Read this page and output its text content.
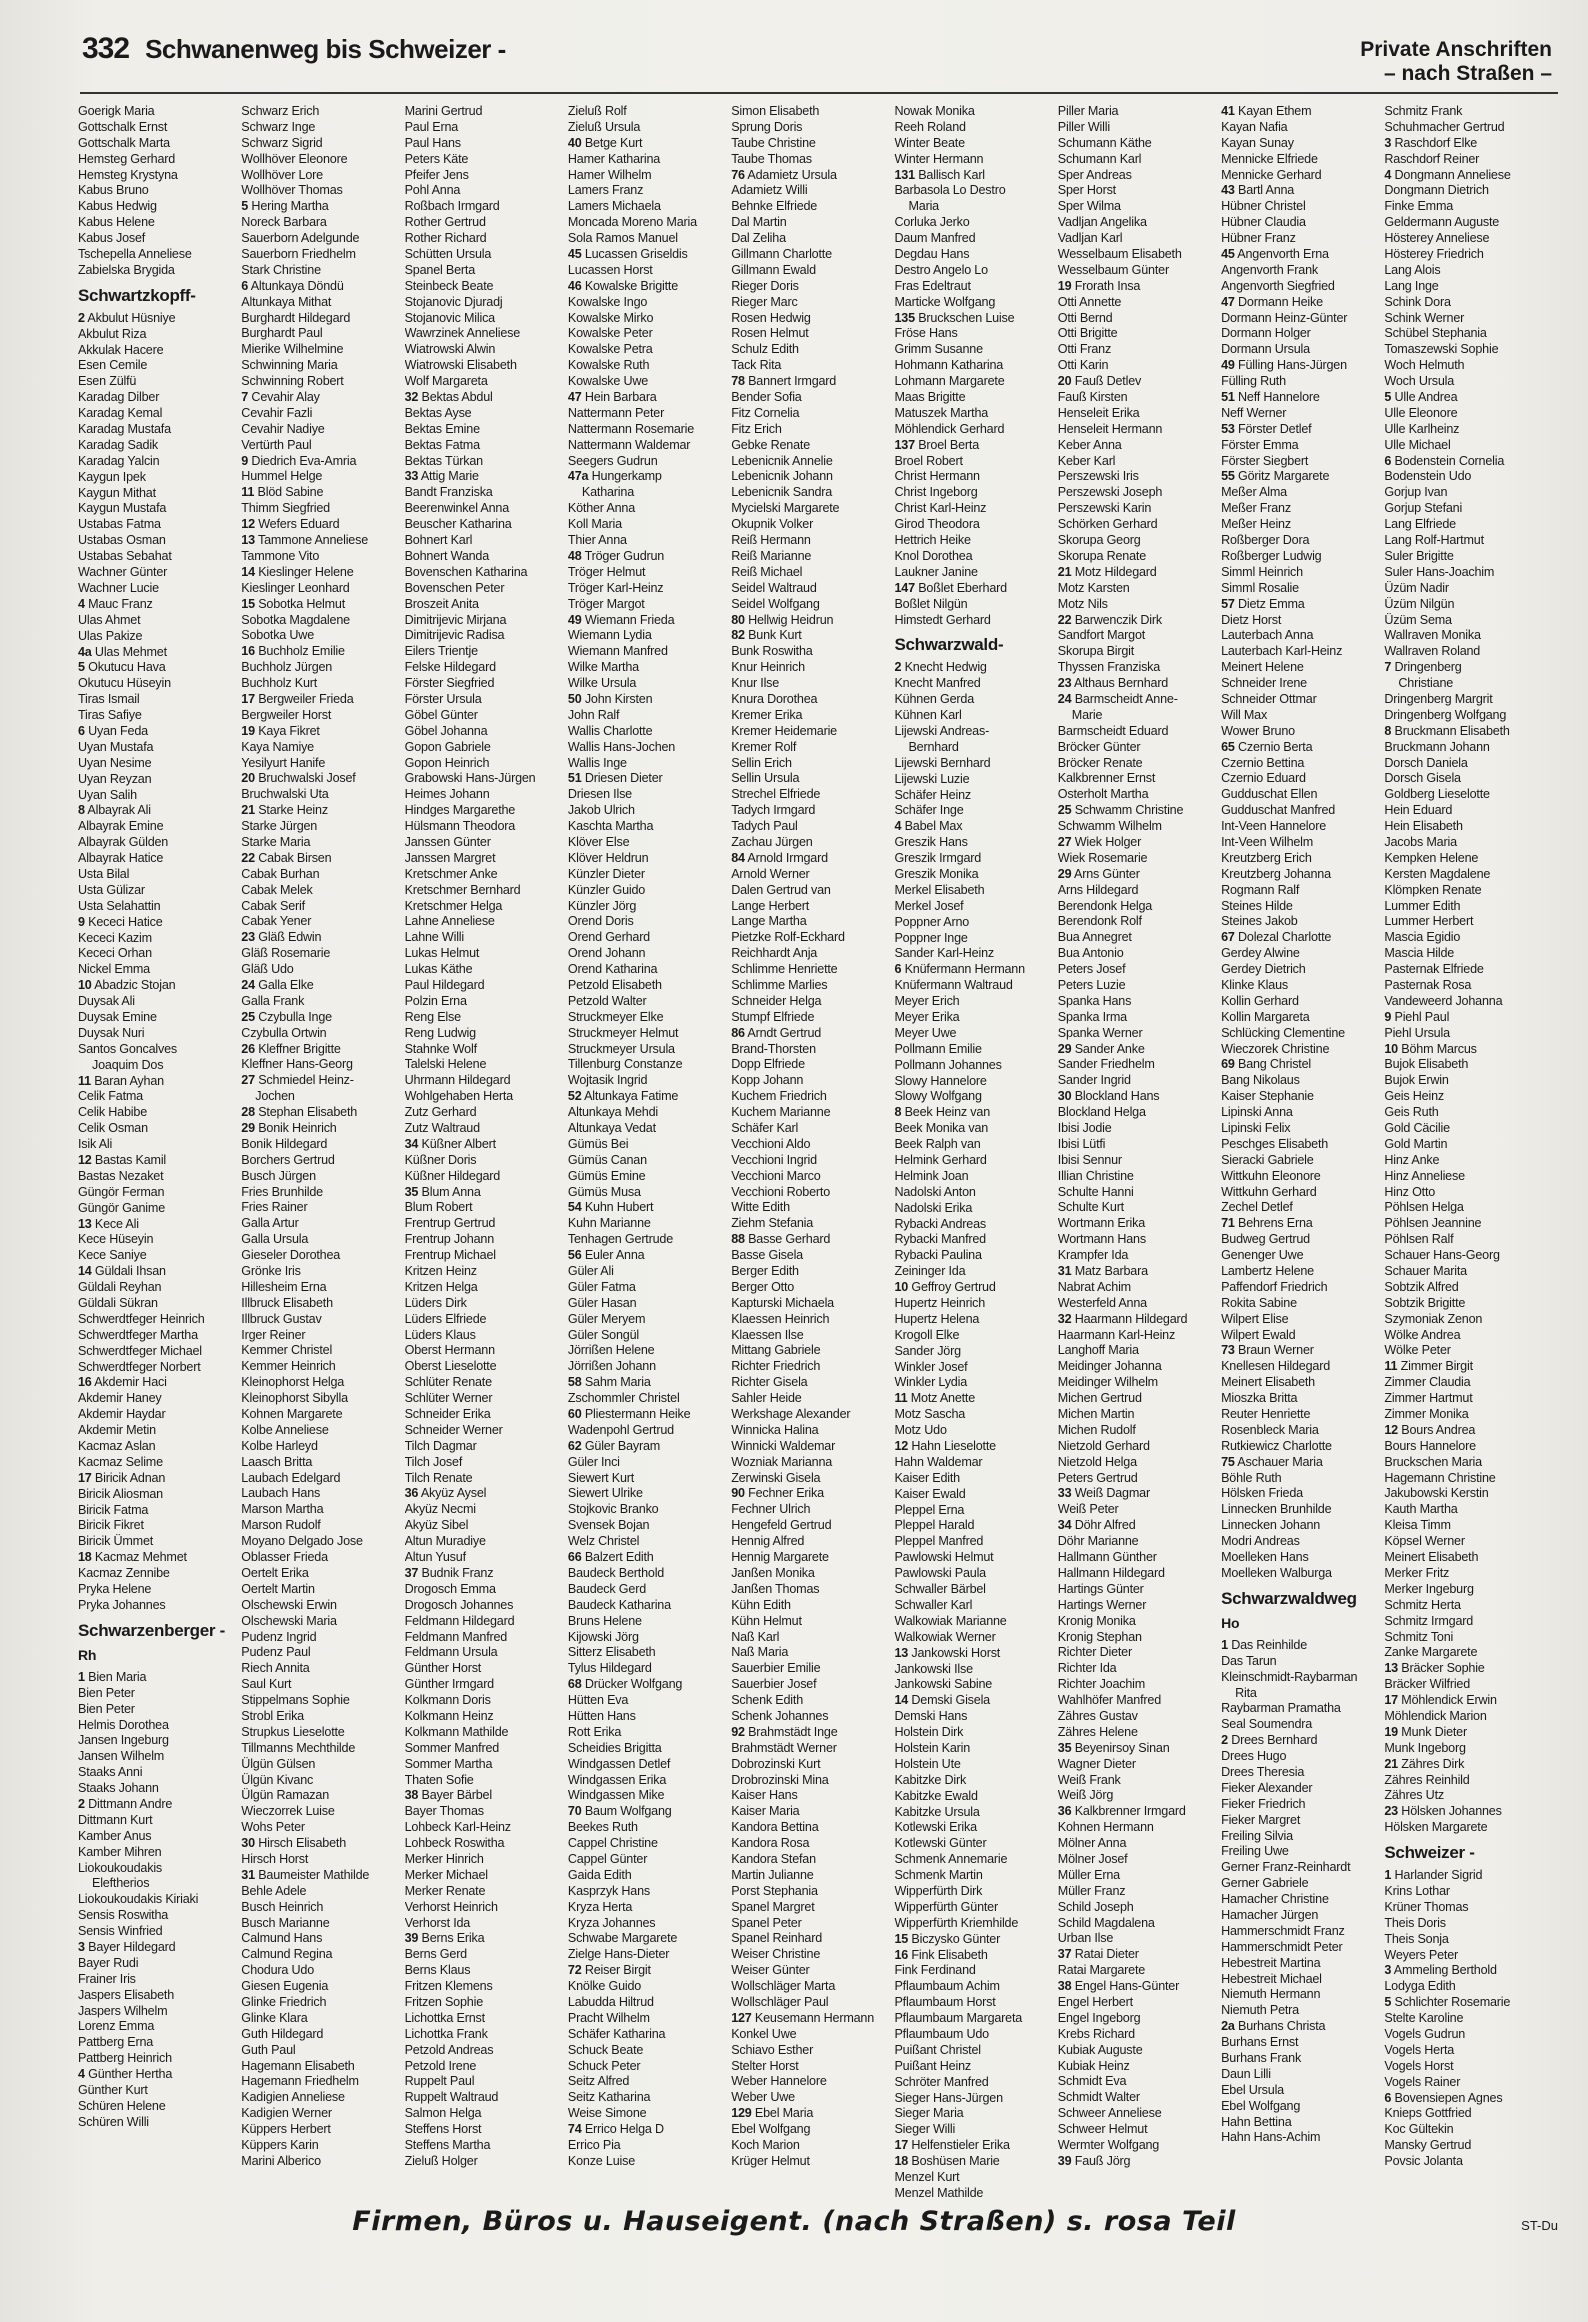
332 Schwanenweg bis Schweizer -	Private Anschriften
– nach Straßen –
Goerigk Maria
Gottschalk Ernst
Gottschalk Marta
Hemsteg Gerhard
Hemsteg Krystyna
Kabus Bruno
Kabus Hedwig
Kabus Helene
Kabus Josef
Tschepella Anneliese
Zabielska Brygida
Schwartzkopff-
2 Akbulut Hüsniye
Akbulut Riza
Akkulak Hacere
Esen Cemile
Esen Zülfü
Karadag Dilber
Karadag Kemal
Karadag Mustafa
Karadag Sadik
Karadag Yalcin
Kaygun Ipek
Kaygun Mithat
Kaygun Mustafa
Ustabas Fatma
Ustabas Osman
Ustabas Sebahat
Wachner Günter
Wachner Lucie
4 Mauc Franz
Ulas Ahmet
Ulas Pakize
4a Ulas Mehmet
5 Okutucu Hava
Okutucu Hüseyin
Tiras Ismail
Tiras Safiye
6 Uyan Feda
Uyan Mustafa
Uyan Nesime
Uyan Reyzan
Uyan Salih
8 Albayrak Ali
Albayrak Emine
Albayrak Gülden
Albayrak Hatice
Usta Bilal
Usta Gülizar
Usta Selahattin
9 Kececi Hatice
Kececi Kazim
Kececi Orhan
Nickel Emma
10 Abadzic Stojan
Duysak Ali
Duysak Emine
Duysak Nuri
Santos Goncalves
Joaquim Dos
11 Baran Ayhan
Celik Fatma
Celik Habibe
Celik Osman
Isik Ali
12 Bastas Kamil
Bastas Nezaket
Güngör Ferman
Güngör Ganime
13 Kece Ali
Kece Hüseyin
Kece Saniye
14 Güldali Ihsan
Güldali Reyhan
Güldali Sükran
Schwerdtfeger Heinrich
Schwerdtfeger Martha
Schwerdtfeger Michael
Schwerdtfeger Norbert
16 Akdemir Haci
Akdemir Haney
Akdemir Haydar
Akdemir Metin
Kacmaz Aslan
Kacmaz Selime
17 Biricik Adnan
Biricik Aliosman
Biricik Fatma
Biricik Fikret
Biricik Ümmet
18 Kacmaz Mehmet
Kacmaz Zennibe
Pryka Helene
Pryka Johannes
Schwarzenberger -
Rh
1 Bien Maria
Bien Peter
Bien Peter
Helmis Dorothea
Jansen Ingeburg
Jansen Wilhelm
Staaks Anni
Staaks Johann
2 Dittmann Andre
Dittmann Kurt
Kamber Anus
Kamber Mihren
Liokoukoudakis
Eleftherios
Liokoukoudakis Kiriaki
Sensis Roswitha
Sensis Winfried
3 Bayer Hildegard
Bayer Rudi
Frainer Iris
Jaspers Elisabeth
Jaspers Wilhelm
Lorenz Emma
Pattberg Erna
Pattberg Heinrich
4 Günther Hertha
Günther Kurt
Schüren Helene
Schüren Willi
Schwarz Erich
Schwarz Inge
Schwarz Sigrid
Wollhöver Eleonore
Wollhöver Lore
Wollhöver Thomas
5 Hering Martha
Noreck Barbara
Sauerborn Adelgunde
Sauerborn Friedhelm
Stark Christine
6 Altunkaya Döndü
Altunkaya Mithat
Burghardt Hildegard
Burghardt Paul
Mierike Wilhelmine
Schwinning Maria
Schwinning Robert
7 Cevahir Alay
Cevahir Fazli
Cevahir Nadiye
Vertürth Paul
9 Diedrich Eva-Amria
Hummel Helge
11 Blöd Sabine
Thimm Siegfried
12 Wefers Eduard
13 Tammone Anneliese
Tammone Vito
14 Kieslinger Helene
Kieslinger Leonhard
15 Sobotka Helmut
Sobotka Magdalene
Sobotka Uwe
16 Buchholz Emilie
Buchholz Jürgen
Buchholz Kurt
17 Bergweiler Frieda
Bergweiler Horst
19 Kaya Fikret
Kaya Namiye
Yesilyurt Hanife
20 Bruchwalski Josef
Bruchwalski Uta
21 Starke Heinz
Starke Jürgen
Starke Maria
22 Cabak Birsen
Cabak Burhan
Cabak Melek
Cabak Serif
Cabak Yener
23 Gläß Edwin
Gläß Rosemarie
Gläß Udo
24 Galla Elke
Galla Frank
25 Czybulla Inge
Czybulla Ortwin
26 Kleffner Brigitte
Kleffner Hans-Georg
27 Schmiedel Heinz-
Jochen
28 Stephan Elisabeth
29 Bonik Heinrich
Bonik Hildegard
Borchers Gertrud
Busch Jürgen
Fries Brunhilde
Fries Rainer
Galla Artur
Galla Ursula
Gieseler Dorothea
Grönke Iris
Hillesheim Erna
Illbruck Elisabeth
Illbruck Gustav
Irger Reiner
Kemmer Christel
Kemmer Heinrich
Kleinophorst Helga
Kleinophorst Sibylla
Kohnen Margarete
Kolbe Anneliese
Kolbe Harleyd
Laasch Britta
Laubach Edelgard
Laubach Hans
Marson Martha
Marson Rudolf
Moyano Delgado Jose
Oblasser Frieda
Oertelt Erika
Oertelt Martin
Olschewski Erwin
Olschewski Maria
Pudenz Ingrid
Pudenz Paul
Riech Annita
Saul Kurt
Stippelmans Sophie
Strobl Erika
Strupkus Lieselotte
Tillmanns Mechthilde
Ülgün Gülsen
Ülgün Kivanc
Ülgün Ramazan
Wieczorrek Luise
Wohs Peter
30 Hirsch Elisabeth
Hirsch Horst
31 Baumeister Mathilde
Behle Adele
Busch Heinrich
Busch Marianne
Calmund Hans
Calmund Regina
Chodura Udo
Giesen Eugenia
Glinke Friedrich
Glinke Klara
Guth Hildegard
Guth Paul
Hagemann Elisabeth
Hagemann Friedhelm
Kadigien Anneliese
Kadigien Werner
Küppers Herbert
Küppers Karin
Marini Alberico
Marini Gertrud
Paul Erna
Paul Hans
Peters Käte
Pfeifer Jens
Pohl Anna
Roßbach Irmgard
Rother Gertrud
Rother Richard
Schütten Ursula
Spanel Berta
Steinbeck Beate
Stojanovic Djuradj
Stojanovic Milica
Wawrzinek Anneliese
Wiatrowski Alwin
Wiatrowski Elisabeth
Wolf Margareta
32 Bektas Abdul
Bektas Ayse
Bektas Emine
Bektas Fatma
Bektas Türkan
33 Attig Marie
Bandt Franziska
Beerenwinkel Anna
Beuscher Katharina
Bohnert Karl
Bohnert Wanda
Bovenschen Katharina
Bovenschen Peter
Broszeit Anita
Dimitrijevic Mirjana
Dimitrijevic Radisa
Eilers Trientje
Felske Hildegard
Förster Siegfried
Förster Ursula
Göbel Günter
Göbel Johanna
Gopon Gabriele
Gopon Heinrich
Grabowski Hans-Jürgen
Heimes Johann
Hindges Margarethe
Hülsmann Theodora
Janssen Günter
Janssen Margret
Kretschmer Anke
Kretschmer Bernhard
Kretschmer Helga
Lahne Anneliese
Lahne Willi
Lukas Helmut
Lukas Käthe
Paul Hildegard
Polzin Erna
Reng Else
Reng Ludwig
Stahnke Wolf
Talelski Helene
Uhrmann Hildegard
Wohlgehaben Herta
Zutz Gerhard
Zutz Waltraud
34 Küßner Albert
Küßner Doris
Küßner Hildegard
35 Blum Anna
Blum Robert
Frentrup Gertrud
Frentrup Johann
Frentrup Michael
Kritzen Heinz
Kritzen Helga
Lüders Dirk
Lüders Elfriede
Lüders Klaus
Oberst Hermann
Oberst Lieselotte
Schlüter Renate
Schlüter Werner
Schneider Erika
Schneider Werner
Tilch Dagmar
Tilch Josef
Tilch Renate
36 Akyüz Aysel
Akyüz Necmi
Akyüz Sibel
Altun Muradiye
Altun Yusuf
37 Budnik Franz
Drogosch Emma
Drogosch Johannes
Feldmann Hildegard
Feldmann Manfred
Feldmann Ursula
Günther Horst
Günther Irmgard
Kolkmann Doris
Kolkmann Heinz
Kolkmann Mathilde
Sommer Manfred
Sommer Martha
Thaten Sofie
38 Bayer Bärbel
Bayer Thomas
Lohbeck Karl-Heinz
Lohbeck Roswitha
Merker Hinrich
Merker Michael
Merker Renate
Verhorst Heinrich
Verhorst Ida
39 Berns Erika
Berns Gerd
Berns Klaus
Fritzen Klemens
Fritzen Sophie
Lichottka Ernst
Lichottka Frank
Petzold Andreas
Petzold Irene
Ruppelt Paul
Ruppelt Waltraud
Salmon Helga
Steffens Horst
Steffens Martha
Zieluß Holger
Zieluß Rolf
Zieluß Ursula
40 Betge Kurt
Hamer Katharina
Hamer Wilhelm
Lamers Franz
Lamers Michaela
Moncada Moreno Maria
Sola Ramos Manuel
45 Lucassen Griseldis
Lucassen Horst
46 Kowalske Brigitte
Kowalske Ingo
Kowalske Mirko
Kowalske Peter
Kowalske Petra
Kowalske Ruth
Kowalske Uwe
47 Hein Barbara
Nattermann Peter
Nattermann Rosemarie
Nattermann Waldemar
Seegers Gudrun
47a Hungerkamp
Katharina
Köther Anna
Koll Maria
Thier Anna
48 Tröger Gudrun
Tröger Helmut
Tröger Karl-Heinz
Tröger Margot
49 Wiemann Frieda
Wiemann Lydia
Wiemann Manfred
Wilke Martha
Wilke Ursula
50 John Kirsten
John Ralf
Wallis Charlotte
Wallis Hans-Jochen
Wallis Inge
51 Driesen Dieter
Driesen Ilse
Jakob Ulrich
Kaschta Martha
Klöver Else
Klöver Heldrun
Künzler Dieter
Künzler Guido
Künzler Jörg
Orend Doris
Orend Gerhard
Orend Johann
Orend Katharina
Petzold Elisabeth
Petzold Walter
Struckmeyer Elke
Struckmeyer Helmut
Struckmeyer Ursula
Tillenburg Constanze
Wojtasik Ingrid
52 Altunkaya Fatime
Altunkaya Mehdi
Altunkaya Vedat
Gümüs Bei
Gümüs Canan
Gümüs Emine
Gümüs Musa
54 Kuhn Hubert
Kuhn Marianne
Tenhagen Gertrude
56 Euler Anna
Güler Ali
Güler Fatma
Güler Hasan
Güler Meryem
Güler Songül
Jörrißen Helene
Jörrißen Johann
58 Sahm Maria
Zschommler Christel
60 Pliestermann Heike
Wadenpohl Gertrud
62 Güler Bayram
Güler Inci
Siewert Kurt
Siewert Ulrike
Stojkovic Branko
Svensek Bojan
Welz Christel
66 Balzert Edith
Baudeck Berthold
Baudeck Gerd
Baudeck Katharina
Bruns Helene
Kijowski Jörg
Sitterz Elisabeth
Tylus Hildegard
68 Drücker Wolfgang
Hütten Eva
Hütten Hans
Rott Erika
Scheidies Brigitta
Windgassen Detlef
Windgassen Erika
Windgassen Mike
70 Baum Wolfgang
Beekes Ruth
Cappel Christine
Cappel Günter
Gaida Edith
Kasprzyk Hans
Kryza Herta
Kryza Johannes
Schwabe Margarete
Zielge Hans-Dieter
72 Reiser Birgit
Knölke Guido
Labudda Hiltrud
Pracht Wilhelm
Schäfer Katharina
Schuck Beate
Schuck Peter
Seitz Alfred
Seitz Katharina
Weise Simone
74 Errico Helga D
Errico Pia
Konze Luise
Simon Elisabeth
Sprung Doris
Taube Christine
Taube Thomas
76 Adamietz Ursula
Adamietz Willi
Behnke Elfriede
Dal Martin
Dal Zeliha
Gillmann Charlotte
Gillmann Ewald
Rieger Doris
Rieger Marc
Rosen Hedwig
Rosen Helmut
Schulz Edith
Tack Rita
78 Bannert Irmgard
Bender Sofia
Fitz Cornelia
Fitz Erich
Gebke Renate
Lebenicnik Annelie
Lebenicnik Johann
Lebenicnik Sandra
Mycielski Margarete
Okupnik Volker
Reiß Hermann
Reiß Marianne
Reiß Michael
Seidel Waltraud
Seidel Wolfgang
80 Hellwig Heidrun
82 Bunk Kurt
Bunk Roswitha
Knur Heinrich
Knur Ilse
Knura Dorothea
Kremer Erika
Kremer Heidemarie
Kremer Rolf
Sellin Erich
Sellin Ursula
Strechel Elfriede
Tadych Irmgard
Tadych Paul
Zachau Jürgen
84 Arnold Irmgard
Arnold Werner
Dalen Gertrud van
Lange Herbert
Lange Martha
Pietzke Rolf-Eckhard
Reichhardt Anja
Schlimme Henriette
Schlimme Marlies
Schneider Helga
Stumpf Elfriede
86 Arndt Gertrud
Brand-Thorsten
Dopp Elfriede
Kopp Johann
Kuchem Friedrich
Kuchem Marianne
Schäfer Karl
Vecchioni Aldo
Vecchioni Ingrid
Vecchioni Marco
Vecchioni Roberto
Witte Edith
Ziehm Stefania
88 Basse Gerhard
Basse Gisela
Berger Edith
Berger Otto
Kapturski Michaela
Klaessen Heinrich
Klaessen Ilse
Mittang Gabriele
Richter Friedrich
Richter Gisela
Sahler Heide
Werkshage Alexander
Winnicka Halina
Winnicki Waldemar
Wozniak Marianna
Zerwinski Gisela
90 Fechner Erika
Fechner Ulrich
Hengefeld Gertrud
Hennig Alfred
Hennig Margarete
Janßen Monika
Janßen Thomas
Kühn Edith
Kühn Helmut
Naß Karl
Naß Maria
Sauerbier Emilie
Sauerbier Josef
Schenk Edith
Schenk Johannes
92 Brahmstädt Inge
Brahmstädt Werner
Dobrozinski Kurt
Drobrozinski Mina
Kaiser Hans
Kaiser Maria
Kandora Bettina
Kandora Rosa
Kandora Stefan
Martin Julianne
Porst Stephania
Spanel Margret
Spanel Peter
Spanel Reinhard
Weiser Christine
Weiser Günter
Wollschläger Marta
Wollschläger Paul
127 Keusemann Hermann
Konkel Uwe
Schiavo Esther
Stelter Horst
Weber Hannelore
Weber Uwe
129 Ebel Maria
Ebel Wolfgang
Koch Marion
Krüger Helmut
Nowak Monika
Reeh Roland
Winter Beate
Winter Hermann
131 Ballisch Karl
Barbasola Lo Destro
Maria
Corluka Jerko
Daum Manfred
Degdau Hans
Destro Angelo Lo
Fras Edeltraut
Marticke Wolfgang
135 Bruckschen Luise
Fröse Hans
Grimm Susanne
Hohmann Katharina
Lohmann Margarete
Maas Brigitte
Matuszek Martha
Möhlendick Gerhard
137 Broel Berta
Broel Robert
Christ Hermann
Christ Ingeborg
Christ Karl-Heinz
Girod Theodora
Hettrich Heike
Knol Dorothea
Laukner Janine
147 Boßlet Eberhard
Boßlet Nilgün
Himstedt Gerhard
Schwarzwald-
2 Knecht Hedwig
Knecht Manfred
Kühnen Gerda
Kühnen Karl
Lijewski Andreas-
Bernhard
Lijewski Bernhard
Lijewski Luzie
Schäfer Heinz
Schäfer Inge
4 Babel Max
Greszik Hans
Greszik Irmgard
Greszik Monika
Merkel Elisabeth
Merkel Josef
Poppner Arno
Poppner Inge
Sander Karl-Heinz
6 Knüfermann Hermann
Knüfermann Waltraud
Meyer Erich
Meyer Erika
Meyer Uwe
Pollmann Emilie
Pollmann Johannes
Slowy Hannelore
Slowy Wolfgang
8 Beek Heinz van
Beek Monika van
Beek Ralph van
Helmink Gerhard
Helmink Joan
Nadolski Anton
Nadolski Erika
Rybacki Andreas
Rybacki Manfred
Rybacki Paulina
Zeininger Ida
10 Geffroy Gertrud
Hupertz Heinrich
Hupertz Helena
Krogoll Elke
Sander Jörg
Winkler Josef
Winkler Lydia
11 Motz Anette
Motz Sascha
Motz Udo
12 Hahn Lieselotte
Hahn Waldemar
Kaiser Edith
Kaiser Ewald
Pleppel Erna
Pleppel Harald
Pleppel Manfred
Pawlowski Helmut
Pawlowski Paula
Schwaller Bärbel
Schwaller Karl
Walkowiak Marianne
Walkowiak Werner
13 Jankowski Horst
Jankowski Ilse
Jankowski Sabine
14 Demski Gisela
Demski Hans
Holstein Dirk
Holstein Karin
Holstein Ute
Kabitzke Dirk
Kabitzke Ewald
Kabitzke Ursula
Kotlewski Erika
Kotlewski Günter
Schmenk Annemarie
Schmenk Martin
Wipperfürth Dirk
Wipperfürth Günter
Wipperfürth Kriemhilde
15 Biczysko Günter
16 Fink Elisabeth
Fink Ferdinand
Pflaumbaum Achim
Pflaumbaum Horst
Pflaumbaum Margareta
Pflaumbaum Udo
Puißant Christel
Puißant Heinz
Schröter Manfred
Sieger Hans-Jürgen
Sieger Maria
Sieger Willi
17 Helfenstieler Erika
18 Boshüsen Marie
Menzel Kurt
Menzel Mathilde
Piller Maria
Piller Willi
Schumann Käthe
Schumann Karl
Sper Andreas
Sper Horst
Sper Wilma
Vadljan Angelika
Vadljan Karl
Wesselbaum Elisabeth
Wesselbaum Günter
19 Frorath Insa
Otti Annette
Otti Bernd
Otti Brigitte
Otti Franz
Otti Karin
20 Fauß Detlev
Fauß Kirsten
Henseleit Erika
Henseleit Hermann
Keber Anna
Keber Karl
Perszewski Iris
Perszewski Joseph
Perszewski Karin
Schörken Gerhard
Skorupa Georg
Skorupa Renate
21 Motz Hildegard
Motz Karsten
Motz Nils
22 Barwenczik Dirk
Sandfort Margot
Skorupa Birgit
Thyssen Franziska
23 Althaus Bernhard
24 Barmscheidt Anne-
Marie
Barmscheidt Eduard
Bröcker Günter
Bröcker Renate
Kalkbrenner Ernst
Osterholt Martha
25 Schwamm Christine
Schwamm Wilhelm
27 Wiek Holger
Wiek Rosemarie
29 Arns Günter
Arns Hildegard
Berendonk Helga
Berendonk Rolf
Bua Annegret
Bua Antonio
Peters Josef
Peters Luzie
Spanka Hans
Spanka Irma
Spanka Werner
29 Sander Anke
Sander Friedhelm
Sander Ingrid
30 Blockland Hans
Blockland Helga
Ibisi Jodie
Ibisi Lütfi
Ibisi Sennur
Illian Christine
Schulte Hanni
Schulte Kurt
Wortmann Erika
Wortmann Hans
Krampfer Ida
31 Matz Barbara
Nabrat Achim
Westerfeld Anna
32 Haarmann Hildegard
Haarmann Karl-Heinz
Langhoff Maria
Meidinger Johanna
Meidinger Wilhelm
Michen Gertrud
Michen Martin
Michen Rudolf
Nietzold Gerhard
Nietzold Helga
Peters Gertrud
33 Weiß Dagmar
Weiß Peter
34 Döhr Alfred
Döhr Marianne
Hallmann Günther
Hallmann Hildegard
Hartings Günter
Hartings Werner
Kronig Monika
Kronig Stephan
Richter Dieter
Richter Ida
Richter Joachim
Wahlhöfer Manfred
Zähres Gustav
Zähres Helene
35 Beyenirsoy Sinan
Wagner Dieter
Weiß Frank
Weiß Jörg
36 Kalkbrenner Irmgard
Kohnen Hermann
Mölner Anna
Mölner Josef
Müller Erna
Müller Franz
Schild Joseph
Schild Magdalena
Urban Ilse
37 Ratai Dieter
Ratai Margarete
38 Engel Hans-Günter
Engel Herbert
Engel Ingeborg
Krebs Richard
Kubiak Auguste
Kubiak Heinz
Schmidt Eva
Schmidt Walter
Schweer Anneliese
Schweer Helmut
Wermter Wolfgang
39 Fauß Jörg
41 Kayan Ethem
Kayan Nafia
Kayan Sunay
Mennicke Elfriede
Mennicke Gerhard
43 Bartl Anna
Hübner Christel
Hübner Claudia
Hübner Franz
45 Angenvorth Erna
Angenvorth Frank
Angenvorth Siegfried
47 Dormann Heike
Dormann Heinz-Günter
Dormann Holger
Dormann Ursula
49 Fülling Hans-Jürgen
Fülling Ruth
51 Neff Hannelore
Neff Werner
53 Förster Detlef
Förster Emma
Förster Siegbert
55 Göritz Margarete
Meßer Alma
Meßer Franz
Meßer Heinz
Roßberger Dora
Roßberger Ludwig
Simml Heinrich
Simml Rosalie
57 Dietz Emma
Dietz Horst
Lauterbach Anna
Lauterbach Karl-Heinz
Meinert Helene
Schneider Irene
Schneider Ottmar
Will Max
Wower Bruno
65 Czernio Berta
Czernio Bettina
Czernio Eduard
Gudduschat Ellen
Gudduschat Manfred
Int-Veen Hannelore
Int-Veen Wilhelm
Kreutzberg Erich
Kreutzberg Johanna
Rogmann Ralf
Steines Hilde
Steines Jakob
67 Dolezal Charlotte
Gerdey Alwine
Gerdey Dietrich
Klinke Klaus
Kollin Gerhard
Kollin Margareta
Schlücking Clementine
Wieczorek Christine
69 Bang Christel
Bang Nikolaus
Kaiser Stephanie
Lipinski Anna
Lipinski Felix
Peschges Elisabeth
Sieracki Gabriele
Wittkuhn Eleonore
Wittkuhn Gerhard
Zechel Detlef
71 Behrens Erna
Budweg Gertrud
Genenger Uwe
Lambertz Helene
Paffendorf Friedrich
Rokita Sabine
Wilpert Elise
Wilpert Ewald
73 Braun Werner
Knellesen Hildegard
Meinert Elisabeth
Mioszka Britta
Reuter Henriette
Rosenbleck Maria
Rutkiewicz Charlotte
75 Aschauer Maria
Böhle Ruth
Hölsken Frieda
Linnecken Brunhilde
Linnecken Johann
Modri Andreas
Moelleken Hans
Moelleken Walburga
Schwarzwaldweg
Ho
1 Das Reinhilde
Das Tarun
Kleinschmidt-Raybarman
Rita
Raybarman Pramatha
Seal Soumendra
2 Drees Bernhard
Drees Hugo
Drees Theresia
Fieker Alexander
Fieker Friedrich
Fieker Margret
Freiling Silvia
Freiling Uwe
Gerner Franz-Reinhardt
Gerner Gabriele
Hamacher Christine
Hamacher Jürgen
Hammerschmidt Franz
Hammerschmidt Peter
Hebestreit Martina
Hebestreit Michael
Niemuth Hermann
Niemuth Petra
2a Burhans Christa
Burhans Ernst
Burhans Frank
Daun Lilli
Ebel Ursula
Ebel Wolfgang
Hahn Bettina
Hahn Hans-Achim
Schmitz Frank
Schuhmacher Gertrud
3 Raschdorf Elke
Raschdorf Reiner
4 Dongmann Anneliese
Dongmann Dietrich
Finke Emma
Geldermann Auguste
Hösterey Anneliese
Hösterey Friedrich
Lang Alois
Lang Inge
Schink Dora
Schink Werner
Schübel Stephania
Tomaszewski Sophie
Woch Helmuth
Woch Ursula
5 Ulle Andrea
Ulle Eleonore
Ulle Karlheinz
Ulle Michael
6 Bodenstein Cornelia
Bodenstein Udo
Gorjup Ivan
Gorjup Stefani
Lang Elfriede
Lang Rolf-Hartmut
Suler Brigitte
Suler Hans-Joachim
Üzüm Nadir
Üzüm Nilgün
Üzüm Sema
Wallraven Monika
Wallraven Roland
7 Dringenberg
Christiane
Dringenberg Margrit
Dringenberg Wolfgang
8 Bruckmann Elisabeth
Bruckmann Johann
Dorsch Daniela
Dorsch Gisela
Goldberg Lieselotte
Hein Eduard
Hein Elisabeth
Jacobs Maria
Kempken Helene
Kersten Magdalene
Klömpken Renate
Lummer Edith
Lummer Herbert
Mascia Egidio
Mascia Hilde
Pasternak Elfriede
Pasternak Rosa
Vandeweerd Johanna
9 Piehl Paul
Piehl Ursula
10 Böhm Marcus
Bujok Elisabeth
Bujok Erwin
Geis Heinz
Geis Ruth
Gold Cäcilie
Gold Martin
Hinz Anke
Hinz Anneliese
Hinz Otto
Pöhlsen Helga
Pöhlsen Jeannine
Pöhlsen Ralf
Schauer Hans-Georg
Schauer Marita
Sobtzik Alfred
Sobtzik Brigitte
Szymoniak Zenon
Wölke Andrea
Wölke Peter
11 Zimmer Birgit
Zimmer Claudia
Zimmer Hartmut
Zimmer Monika
12 Bours Andrea
Bours Hannelore
Bruckschen Maria
Hagemann Christine
Jakubowski Kerstin
Kauth Martha
Kleisa Timm
Köpsel Werner
Meinert Elisabeth
Merker Fritz
Merker Ingeburg
Schmitz Herta
Schmitz Irmgard
Schmitz Toni
Zanke Margarete
13 Bräcker Sophie
Bräcker Wilfried
17 Möhlendick Erwin
Möhlendick Marion
19 Munk Dieter
Munk Ingeborg
21 Zähres Dirk
Zähres Reinhild
Zähres Utz
23 Hölsken Johannes
Hölsken Margarete
Schweizer -
1 Harlander Sigrid
Krins Lothar
Krüner Thomas
Theis Doris
Theis Sonja
Weyers Peter
3 Ammeling Berthold
Lodyga Edith
5 Schlichter Rosemarie
Stelte Karoline
Vogels Gudrun
Vogels Herta
Vogels Horst
Vogels Rainer
6 Bovensiepen Agnes
Knieps Gottfried
Koc Gültekin
Mansky Gertrud
Povsic Jolanta
Firmen, Büros u. Hauseigent. (nach Straßen) s. rosa Teil	ST-Du
